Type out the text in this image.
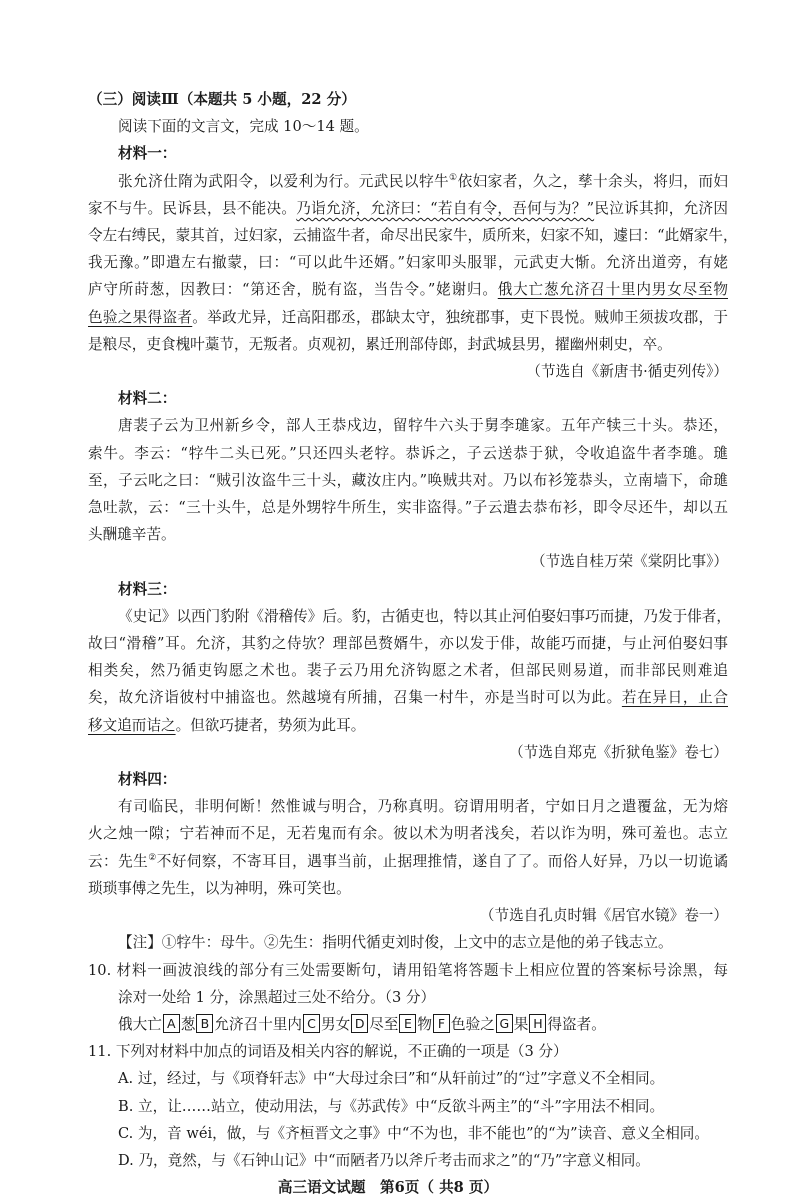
（三）阅读Ⅲ（本题共 5 小题，22 分）
阅读下面的文言文，完成 10～14 题。
材料一：
张允济仕隋为武阳令，以爱利为行。元武民以牸牛①依妇家者，久之，孳十余头，将归，而妇
家不与牛。民诉县，县不能决。乃诣允济，允济曰：“若自有令，吾何与为？”民泣诉其抑，允济因
令左右缚民，蒙其首，过妇家，云捕盗牛者，命尽出民家牛，质所来，妇家不知，遽曰：“此婿家牛，
我无豫。”即遣左右撤蒙，曰：“可以此牛还婿。”妇家叩头服罪，元武吏大惭。允济出道旁，有姥
庐守所莳葱，因教曰：“第还舍，脱有盗，当告令。”姥谢归。俄大亡葱允济召十里内男女尽至物
色验之果得盗者。举政尤异，迁高阳郡丞，郡缺太守，独统郡事，吏下畏悦。贼帅王须拔攻郡，于
是粮尽，吏食槐叶藁节，无叛者。贞观初，累迁刑部侍郎，封武城县男，擢幽州刺史，卒。
（节选自《新唐书·循吏列传》）
材料二：
唐裴子云为卫州新乡令，部人王恭戍边，留牸牛六头于舅李璡家。五年产犊三十头。恭还，
索牛。李云：“牸牛二头已死。”只还四头老牸。恭诉之，子云送恭于狱，令收追盗牛者李璡。璡
至，子云叱之曰：“贼引汝盗牛三十头，藏汝庄内。”唤贼共对。乃以布衫笼恭头，立南墙下，命璡
急吐款，云：“三十头牛，总是外甥牸牛所生，实非盗得。”子云遣去恭布衫，即令尽还牛，却以五
头酬璡辛苦。
（节选自桂万荣《棠阴比事》）
材料三：
《史记》以西门豹附《滑稽传》后。豹，古循吏也，特以其止河伯娶妇事巧而捷，乃发于俳者，
故曰“滑稽”耳。允济，其豹之侍欤？理部邑赘婿牛，亦以发于俳，故能巧而捷，与止河伯娶妇事
相类矣，然乃循吏钩愿之术也。裴子云乃用允济钩愿之术者，但部民则易道，而非部民则难追
矣，故允济诣彼村中捕盗也。然越境有所捕，召集一村牛，亦是当时可以为此。若在异日，止合
移文追而诘之。但欲巧捷者，势须为此耳。
（节选自郑克《折狱龟鉴》卷七）
材料四：
有司临民，非明何断！然惟诚与明合，乃称真明。窃谓用明者，宁如日月之遣覆盆，无为熔
火之烛一隙；宁若神而不足，无若鬼而有余。彼以术为明者浅矣，若以诈为明，殊可羞也。志立
云：先生②不好伺察，不寄耳目，遇事当前，止据理推情，遂自了了。而俗人好异，乃以一切诡谲
琐琐事傅之先生，以为神明，殊可笑也。
（节选自孔贞时辑《居官水镜》卷一）
【注】①牸牛：母牛。②先生：指明代循吏刘时俊，上文中的志立是他的弟子钱志立。
10. 材料一画波浪线的部分有三处需要断句，请用铅笔将答题卡上相应位置的答案标号涂黑，每
涂对一处给 1 分，涂黑超过三处不给分。（3 分）
俄大亡 A 葱 B 允济召十里内 C 男女 D 尽至 E 物 F 色验之 G 果 H 得盗者。
11. 下列对材料中加点的词语及相关内容的解说，不正确的一项是（3 分）
A. 过，经过，与《项脊轩志》中“大母过余曰”和“从轩前过”的“过”字意义不全相同。
B. 立，让……站立，使动用法，与《苏武传》中“反欲斗两主”的“斗”字用法不相同。
C. 为，音 wéi，做，与《齐桓晋文之事》中“不为也，非不能也”的“为”读音、意义全相同。
D. 乃，竟然，与《石钟山记》中“而陋者乃以斧斤考击而求之”的“乃”字意义相同。
高三语文试题　第6页（ 共8 页）
